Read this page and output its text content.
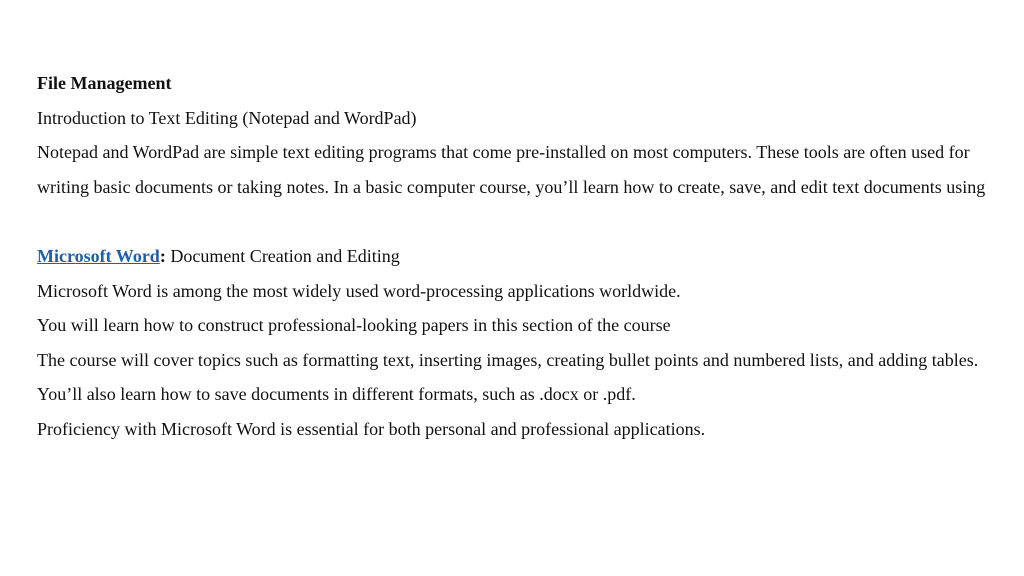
File Management
Introduction to Text Editing (Notepad and WordPad)
Notepad and WordPad are simple text editing programs that come pre-installed on most computers. These tools are often used for writing basic documents or taking notes. In a basic computer course, you’ll learn how to create, save, and edit text documents using
Microsoft Word: Document Creation and Editing
Microsoft Word is among the most widely used word-processing applications worldwide.
You will learn how to construct professional-looking papers in this section of the course
The course will cover topics such as formatting text, inserting images, creating bullet points and numbered lists, and adding tables. You’ll also learn how to save documents in different formats, such as .docx or .pdf.
Proficiency with Microsoft Word is essential for both personal and professional applications.
